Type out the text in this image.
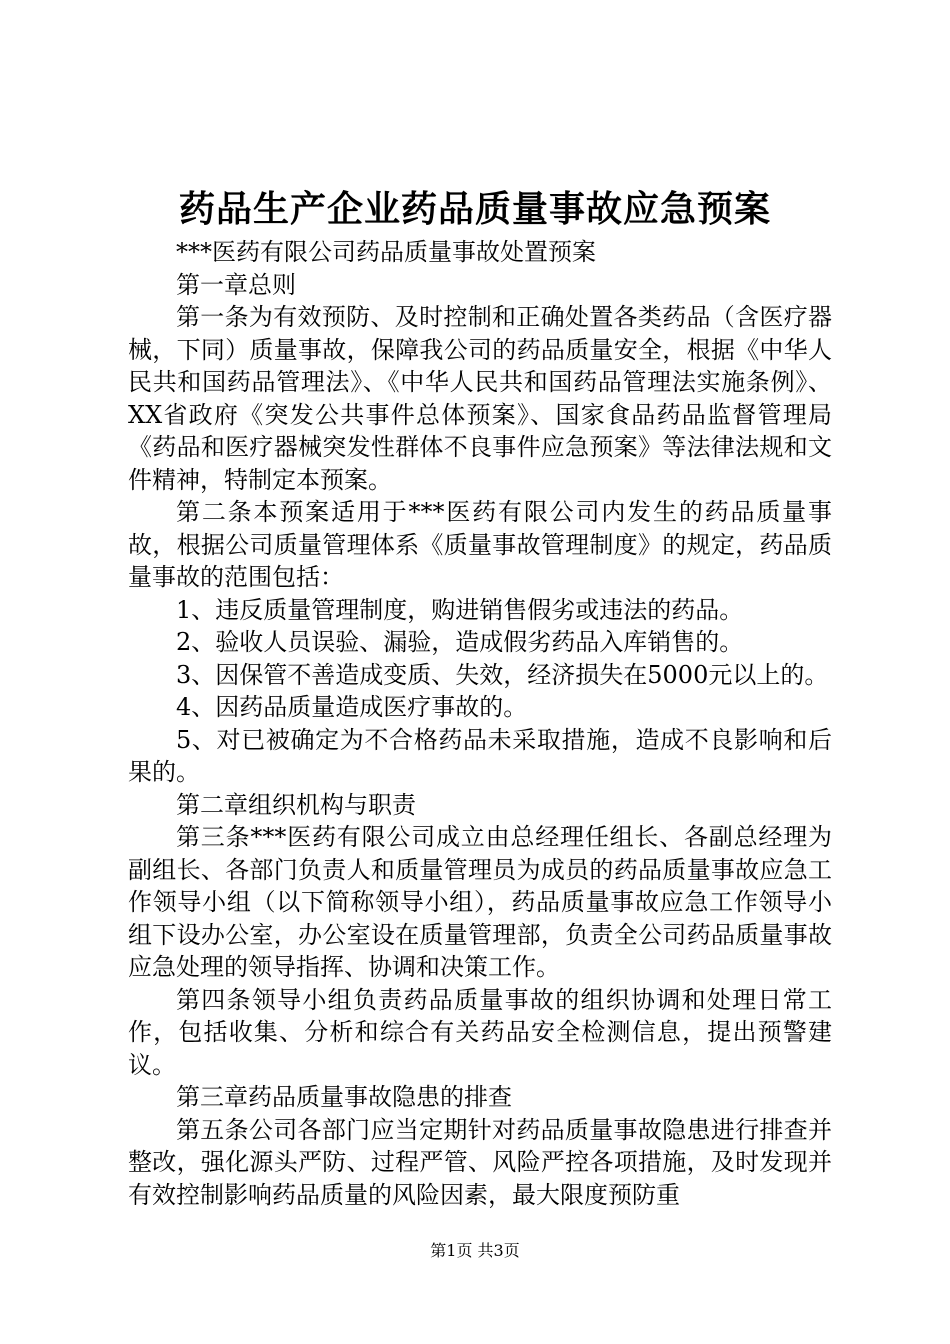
药品生产企业药品质量事故应急预案

***医药有限公司药品质量事故处置预案

第一章总则

第一条为有效预防、及时控制和正确处置各类药品（含医疗器械，下同）质量事故，保障我公司的药品质量安全，根据《中华人民共和国药品管理法》、《中华人民共和国药品管理法实施条例》、XX省政府《突发公共事件总体预案》、国家食品药品监督管理局《药品和医疗器械突发性群体不良事件应急预案》等法律法规和文件精神，特制定本预案。

第二条本预案适用于***医药有限公司内发生的药品质量事故，根据公司质量管理体系《质量事故管理制度》的规定，药品质量事故的范围包括：

1、违反质量管理制度，购进销售假劣或违法的药品。

2、验收人员误验、漏验，造成假劣药品入库销售的。

3、因保管不善造成变质、失效，经济损失在5000元以上的。

4、因药品质量造成医疗事故的。

5、对已被确定为不合格药品未采取措施，造成不良影响和后果的。

第二章组织机构与职责

第三条***医药有限公司成立由总经理任组长、各副总经理为副组长、各部门负责人和质量管理员为成员的药品质量事故应急工作领导小组（以下简称领导小组），药品质量事故应急工作领导小组下设办公室，办公室设在质量管理部，负责全公司药品质量事故应急处理的领导指挥、协调和决策工作。

第四条领导小组负责药品质量事故的组织协调和处理日常工作，包括收集、分析和综合有关药品安全检测信息，提出预警建议。

第三章药品质量事故隐患的排查

第五条公司各部门应当定期针对药品质量事故隐患进行排查并整改，强化源头严防、过程严管、风险严控各项措施，及时发现并有效控制影响药品质量的风险因素，最大限度预防重

第1页 共3页
